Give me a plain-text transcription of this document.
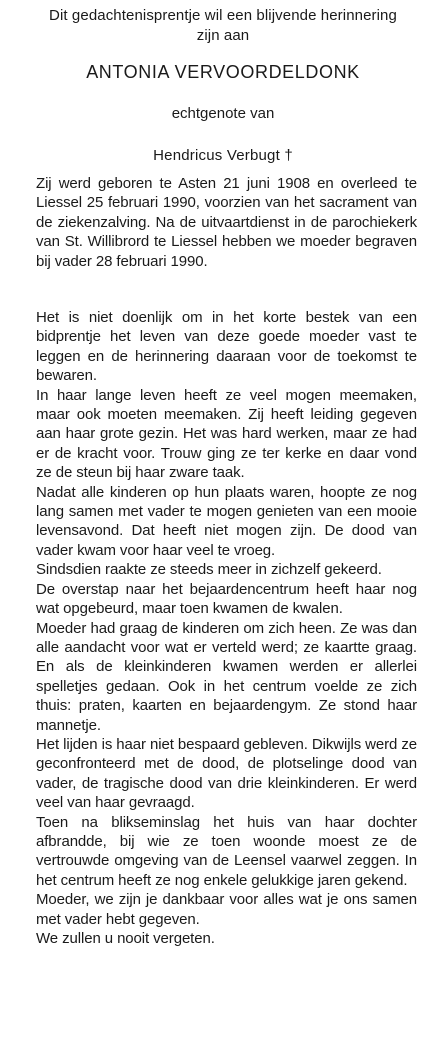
Dit gedachtenisprentje wil een blijvende herinnering zijn aan
ANTONIA VERVOORDELDONK
echtgenote van
Hendricus Verbugt †

Zij werd geboren te Asten 21 juni 1908 en overleed te Liessel 25 februari 1990, voorzien van het sacrament van de ziekenzalving. Na de uitvaartdienst in de parochiekerk van St. Willibrord te Liessel hebben we moeder begraven bij vader 28 februari 1990.

Het is niet doenlijk om in het korte bestek van een bidprentje het leven van deze goede moeder vast te leggen en de herinnering daaraan voor de toekomst te bewaren.

In haar lange leven heeft ze veel mogen meemaken, maar ook moeten meemaken. Zij heeft leiding gegeven aan haar grote gezin. Het was hard werken, maar ze had er de kracht voor. Trouw ging ze ter kerke en daar vond ze de steun bij haar zware taak.

Nadat alle kinderen op hun plaats waren, hoopte ze nog lang samen met vader te mogen genieten van een mooie levensavond. Dat heeft niet mogen zijn. De dood van vader kwam voor haar veel te vroeg.

Sindsdien raakte ze steeds meer in zichzelf gekeerd.

De overstap naar het bejaardencentrum heeft haar nog wat opgebeurd, maar toen kwamen de kwalen.

Moeder had graag de kinderen om zich heen. Ze was dan alle aandacht voor wat er verteld werd; ze kaartte graag. En als de kleinkinderen kwamen werden er allerlei spelletjes gedaan. Ook in het centrum voelde ze zich thuis: praten, kaarten en bejaardengym. Ze stond haar mannetje.

Het lijden is haar niet bespaard gebleven. Dikwijls werd ze geconfronteerd met de dood, de plotselinge dood van vader, de tragische dood van drie kleinkinderen. Er werd veel van haar gevraagd.

Toen na blikseminslag het huis van haar dochter afbrandde, bij wie ze toen woonde moest ze de vertrouwde omgeving van de Leensel vaarwel zeggen. In het centrum heeft ze nog enkele gelukkige jaren gekend.

Moeder, we zijn je dankbaar voor alles wat je ons samen met vader hebt gegeven.

We zullen u nooit vergeten.
